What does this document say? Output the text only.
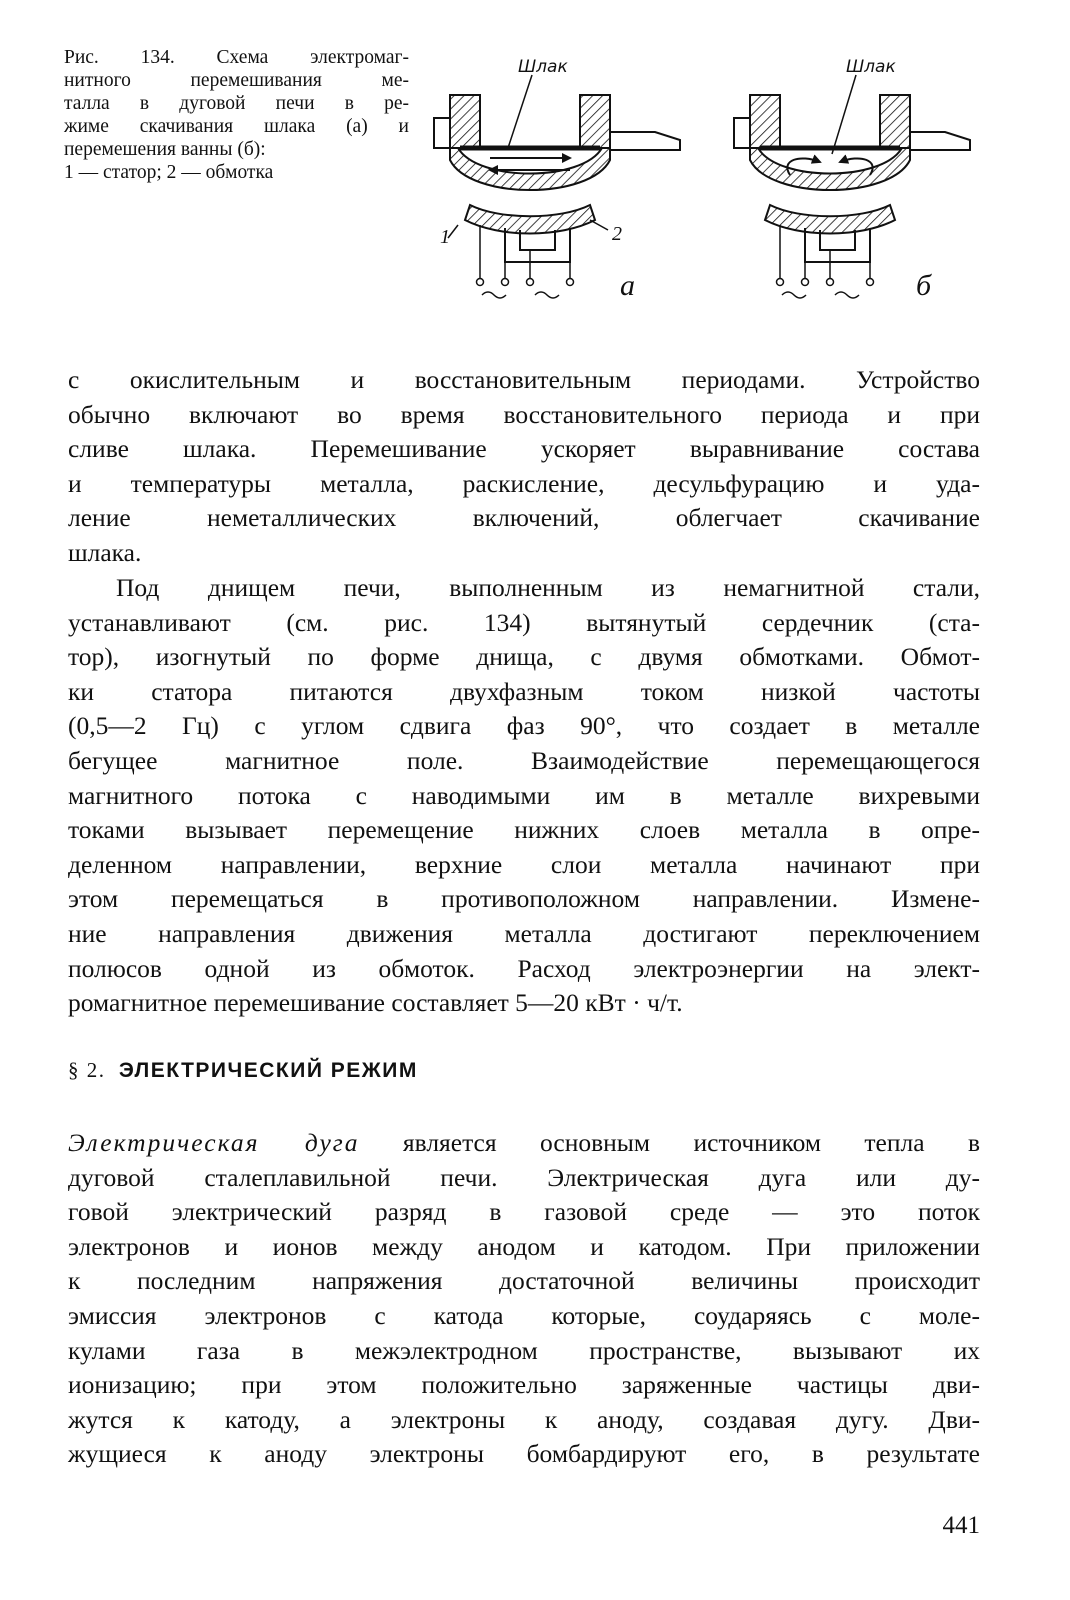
Рис. 134. Схема электромаг-
нитного перемешивания ме-
талла в дуговой печи в ре-
жиме скачивания шлака (а) и
перемешения ванны (б):
1 — статор; 2 — обмотка
Шлак
1	2
а
Шлак
б
с окислительным и восстановительным периодами. Устройство
обычно включают во время восстановительного периода и при
сливе шлака. Перемешивание ускоряет выравнивание состава
и температуры металла, раскисление, десульфурацию и уда-
ление неметаллических включений, облегчает скачивание
шлака.
Под днищем печи, выполненным из немагнитной стали,
устанавливают (см. рис. 134) вытянутый сердечник (ста-
тор), изогнутый по форме днища, с двумя обмотками. Обмот-
ки статора питаются двухфазным током низкой частоты
(0,5—2 Гц) с углом сдвига фаз 90°, что создает в металле
бегущее магнитное поле. Взаимодействие перемещающегося
магнитного потока с наводимыми им в металле вихревыми
токами вызывает перемещение нижних слоев металла в опре-
деленном направлении, верхние слои металла начинают при
этом перемещаться в противоположном направлении. Измене-
ние направления движения металла достигают переключением
полюсов одной из обмоток. Расход электроэнергии на элект-
ромагнитное перемешивание составляет 5—20 кВт · ч/т.
§ 2. ЭЛЕКТРИЧЕСКИЙ РЕЖИМ
Электрическая дуга является основным источником тепла в
дуговой сталеплавильной печи. Электрическая дуга или ду-
говой электрический разряд в газовой среде — это поток
электронов и ионов между анодом и катодом. При приложении
к последним напряжения достаточной величины происходит
эмиссия электронов с катода которые, соударяясь с моле-
кулами газа в межэлектродном пространстве, вызывают их
ионизацию; при этом положительно заряженные частицы дви-
жутся к катоду, а электроны к аноду, создавая дугу. Дви-
жущиеся к аноду электроны бомбардируют его, в результате
441
